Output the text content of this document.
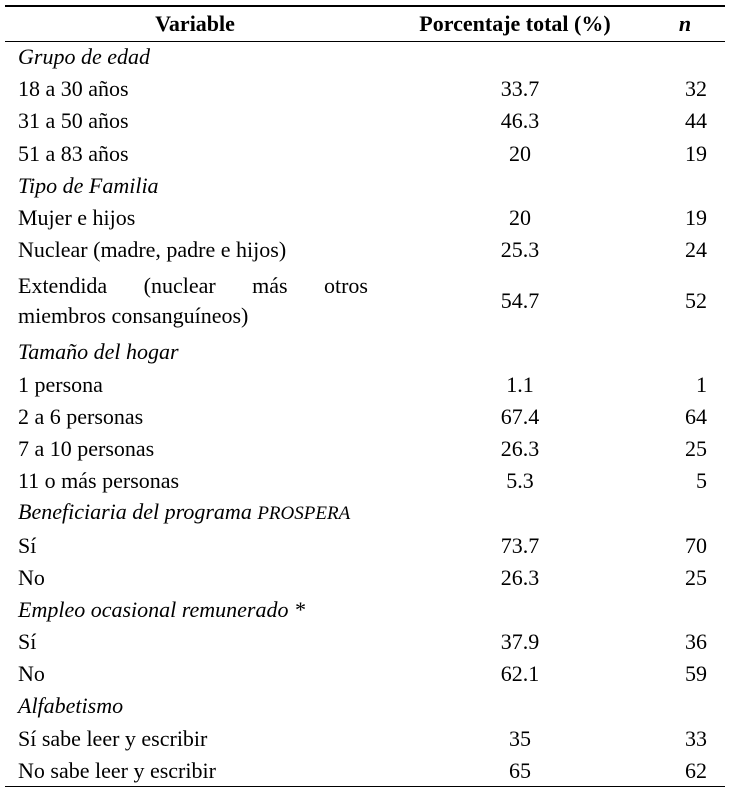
Variable	Porcentaje total (%)	n
Grupo de edad		

18 a 30 años	33.7	32

31 a 50 años	46.3	44

51 a 83 años	20	19
Tipo de Familia		

Mujer e hijos	20	19

Nuclear (madre, padre e hijos)	25.3	24

Extendida (nuclear más otros miembros consanguíneos)	54.7	52
Tamaño del hogar		

1 persona	1.1	1

2 a 6 personas	67.4	64

7 a 10 personas	26.3	25

11 o más personas	5.3	5
Beneficiaria del programa PROSPERA		

Sí	73.7	70

No	26.3	25
Empleo ocasional remunerado *		

Sí	37.9	36

No	62.1	59
Alfabetismo		

Sí sabe leer y escribir	35	33

No sabe leer y escribir	65	62
